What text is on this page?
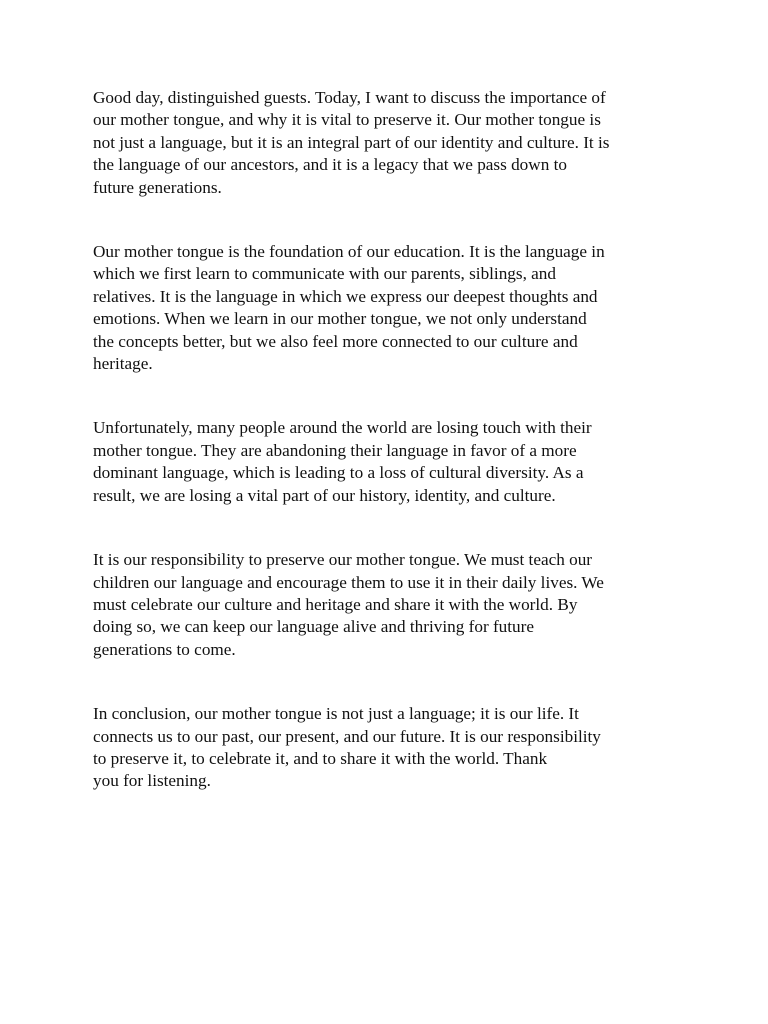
Good day, distinguished guests. Today, I want to discuss the importance of
our mother tongue, and why it is vital to preserve it. Our mother tongue is
not just a language, but it is an integral part of our identity and culture. It is
the language of our ancestors, and it is a legacy that we pass down to
future generations.

Our mother tongue is the foundation of our education. It is the language in
which we first learn to communicate with our parents, siblings, and
relatives. It is the language in which we express our deepest thoughts and
emotions. When we learn in our mother tongue, we not only understand
the concepts better, but we also feel more connected to our culture and
heritage.

Unfortunately, many people around the world are losing touch with their
mother tongue. They are abandoning their language in favor of a more
dominant language, which is leading to a loss of cultural diversity. As a
result, we are losing a vital part of our history, identity, and culture.

It is our responsibility to preserve our mother tongue. We must teach our
children our language and encourage them to use it in their daily lives. We
must celebrate our culture and heritage and share it with the world. By
doing so, we can keep our language alive and thriving for future
generations to come.

In conclusion, our mother tongue is not just a language; it is our life. It
connects us to our past, our present, and our future. It is our responsibility
to preserve it, to celebrate it, and to share it with the world. Thank
you for listening.
